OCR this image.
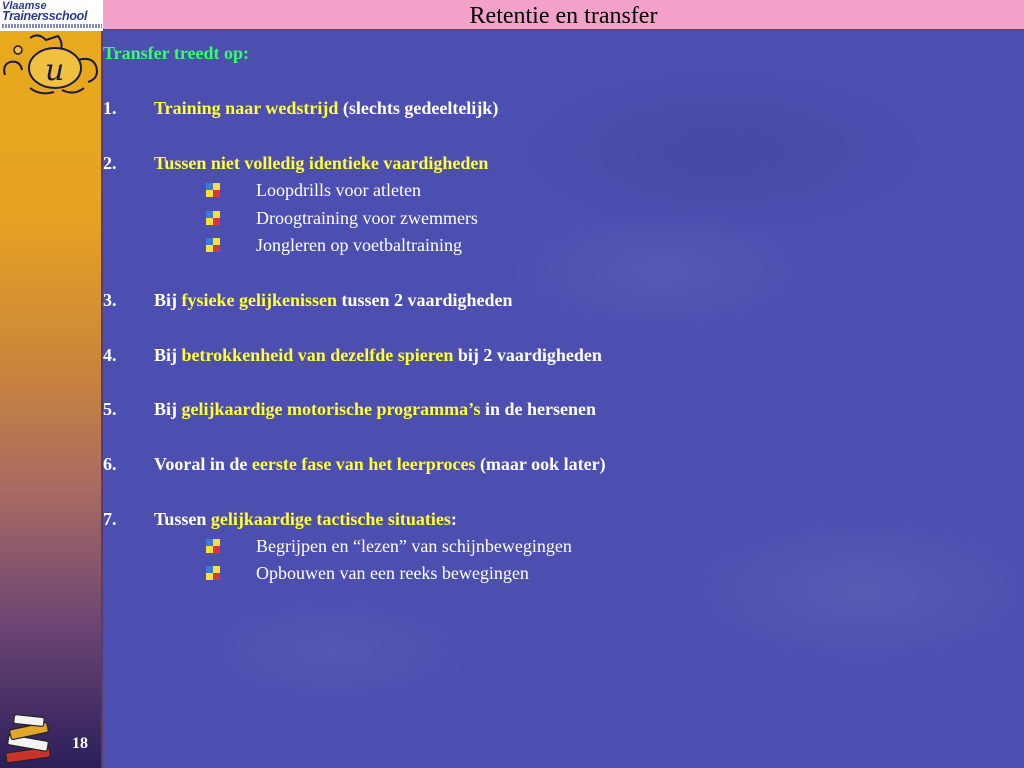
Vlaamse
Trainersschool
u
18
Retentie en transfer
Transfer treedt op:
1. Training naar wedstrijd (slechts gedeeltelijk)
2. Tussen niet volledig identieke vaardigheden
Loopdrills voor atleten
Droogtraining voor zwemmers
Jongleren op voetbaltraining
3. Bij fysieke gelijkenissen tussen 2 vaardigheden
4. Bij betrokkenheid van dezelfde spieren bij 2 vaardigheden
5. Bij gelijkaardige motorische programma’s in de hersenen
6. Vooral in de eerste fase van het leerproces (maar ook later)
7. Tussen gelijkaardige tactische situaties:
Begrijpen en “lezen” van schijnbewegingen
Opbouwen van een reeks bewegingen
